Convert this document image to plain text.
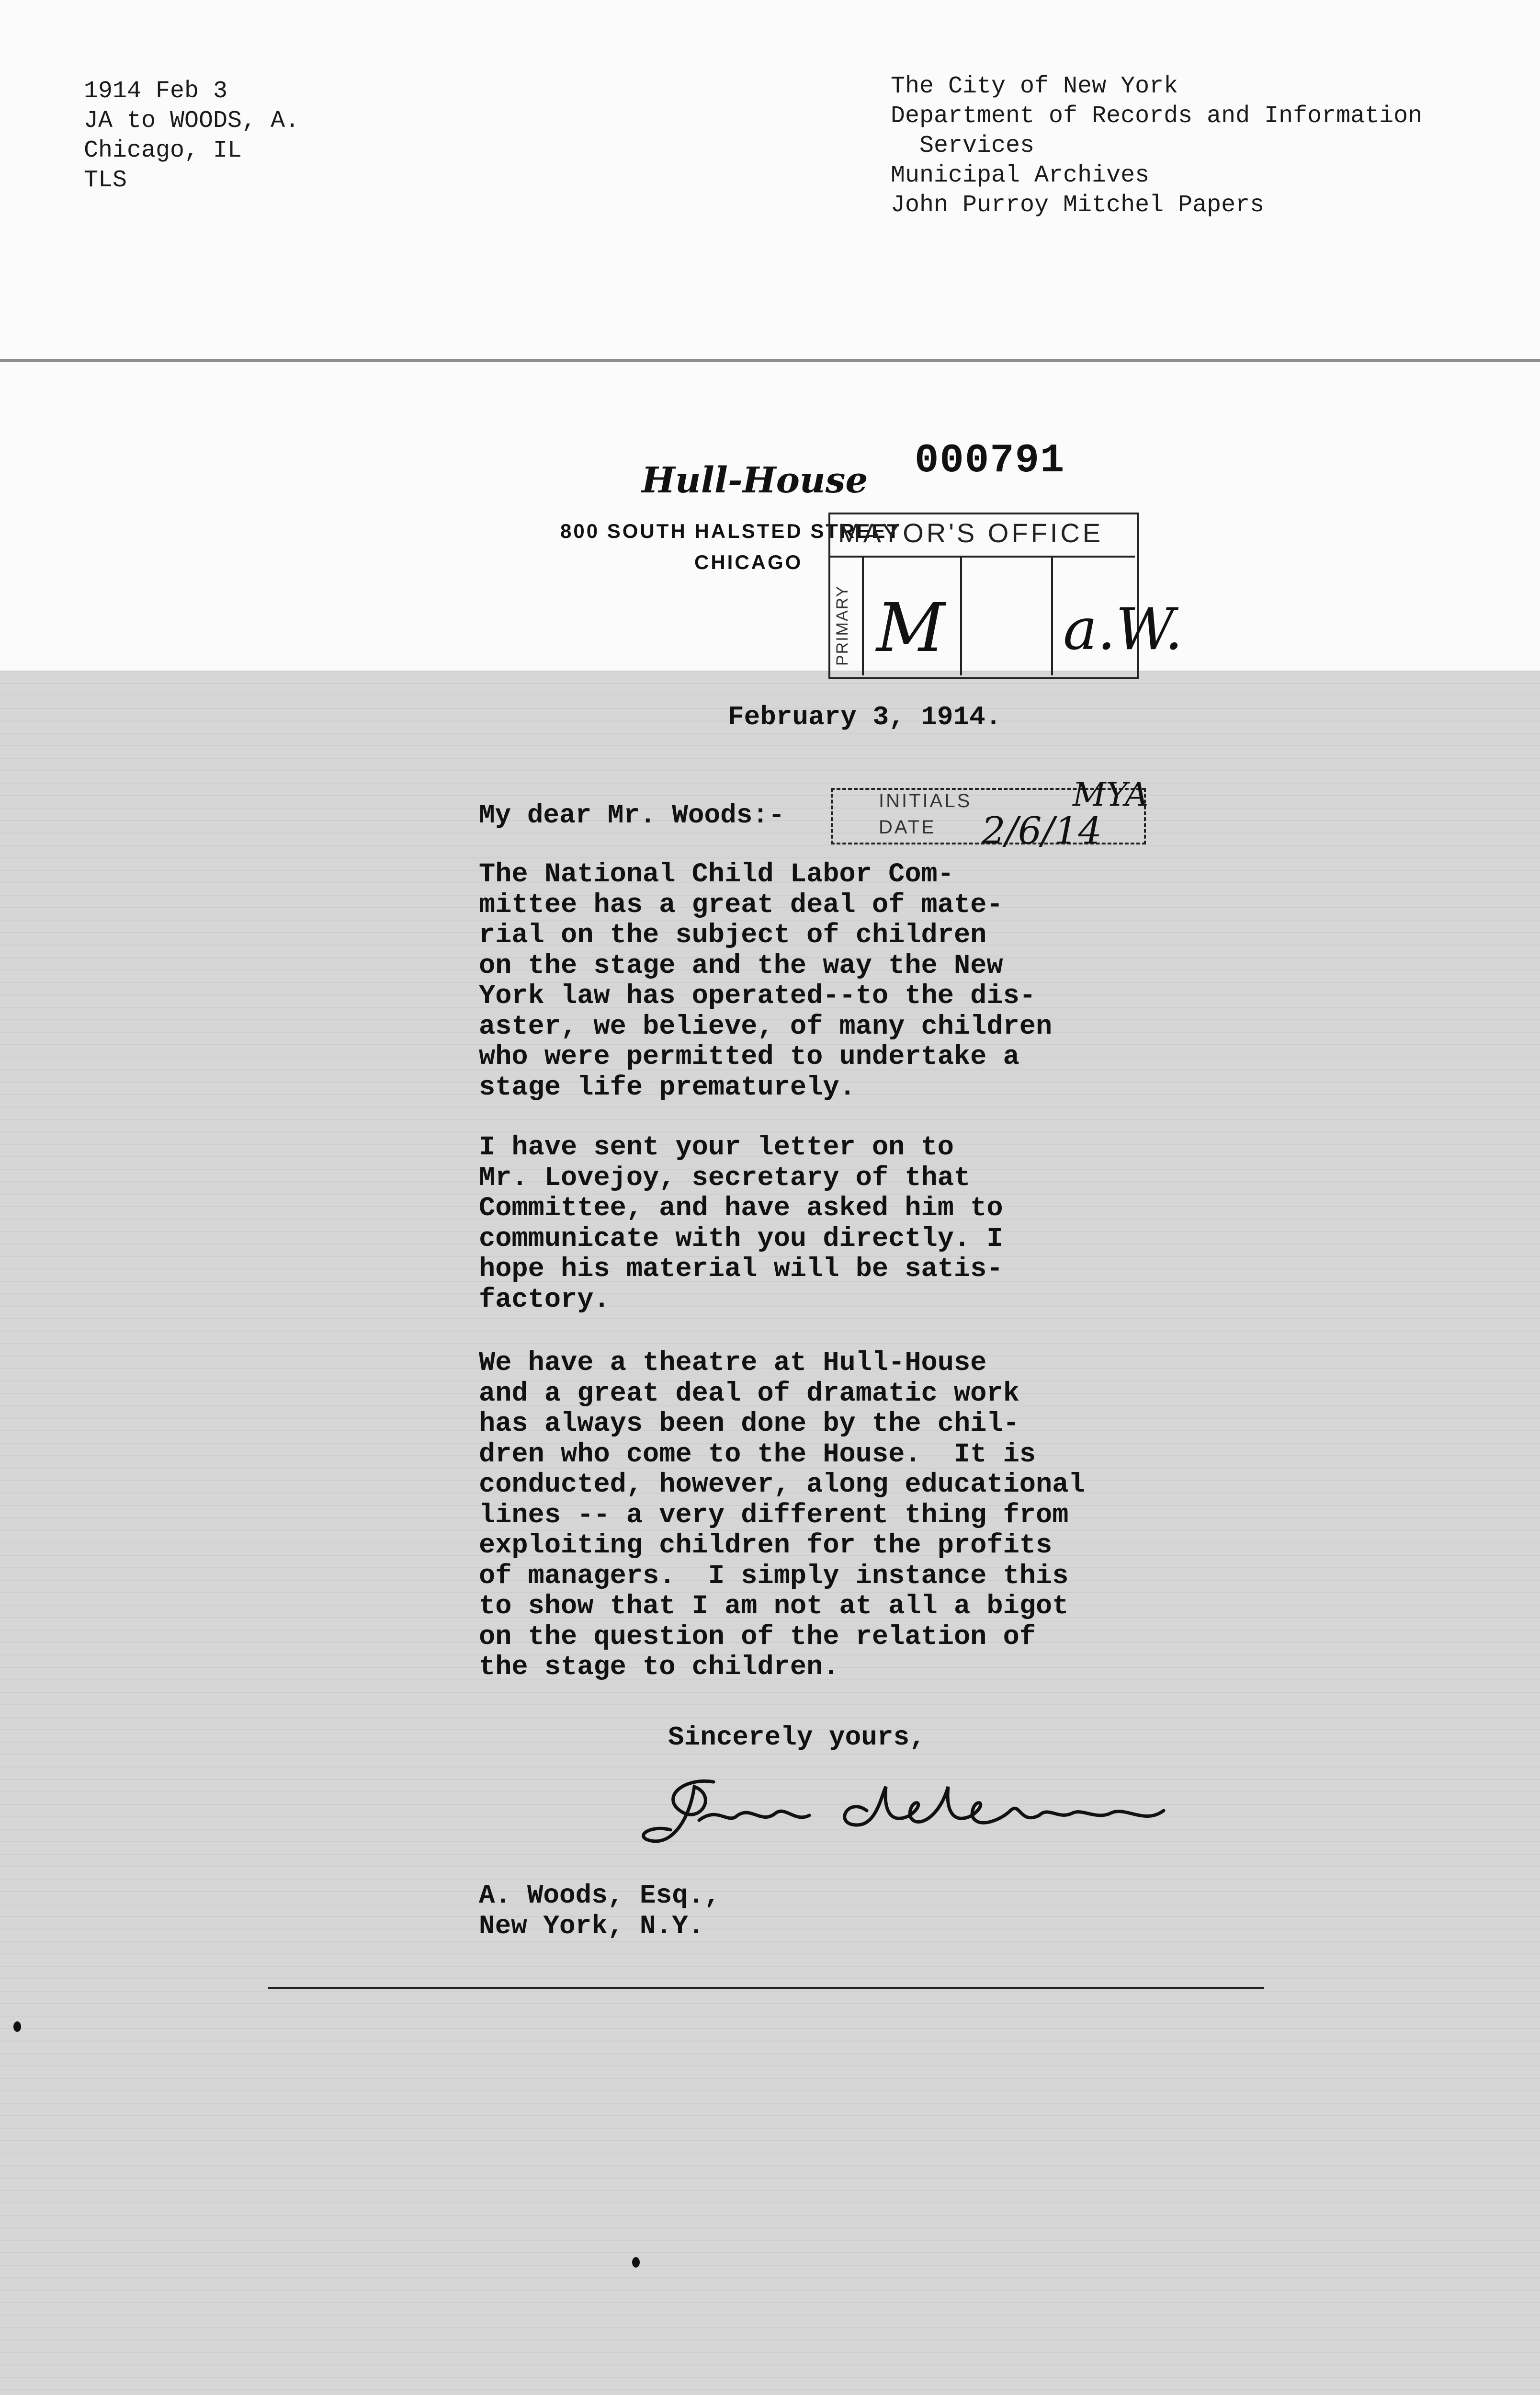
1914 Feb 3
JA to WOODS, A.
Chicago, IL
TLS
The City of New York
Department of Records and Information
Services
Municipal Archives
John Purroy Mitchel Papers
Hull-House 000791
800 SOUTH HALSTED STREET
CHICAGO
MAYOR'S OFFICE
PRIMARY M a.W.
INITIALS
DATE
MYA
2/6/14
February 3, 1914.
My dear Mr. Woods:-
The National Child Labor Com-
mittee has a great deal of mate-
rial on the subject of children
on the stage and the way the New
York law has operated--to the dis-
aster, we believe, of many children
who were permitted to undertake a
stage life prematurely.
I have sent your letter on to
Mr. Lovejoy, secretary of that
Committee, and have asked him to
communicate with you directly. I
hope his material will be satis-
factory.
We have a theatre at Hull-House
and a great deal of dramatic work
has always been done by the chil-
dren who come to the House.  It is
conducted, however, along educational
lines -- a very different thing from
exploiting children for the profits
of managers.  I simply instance this
to show that I am not at all a bigot
on the question of the relation of
the stage to children.
Sincerely yours,
Jane Addams
A. Woods, Esq.,
New York, N.Y.
